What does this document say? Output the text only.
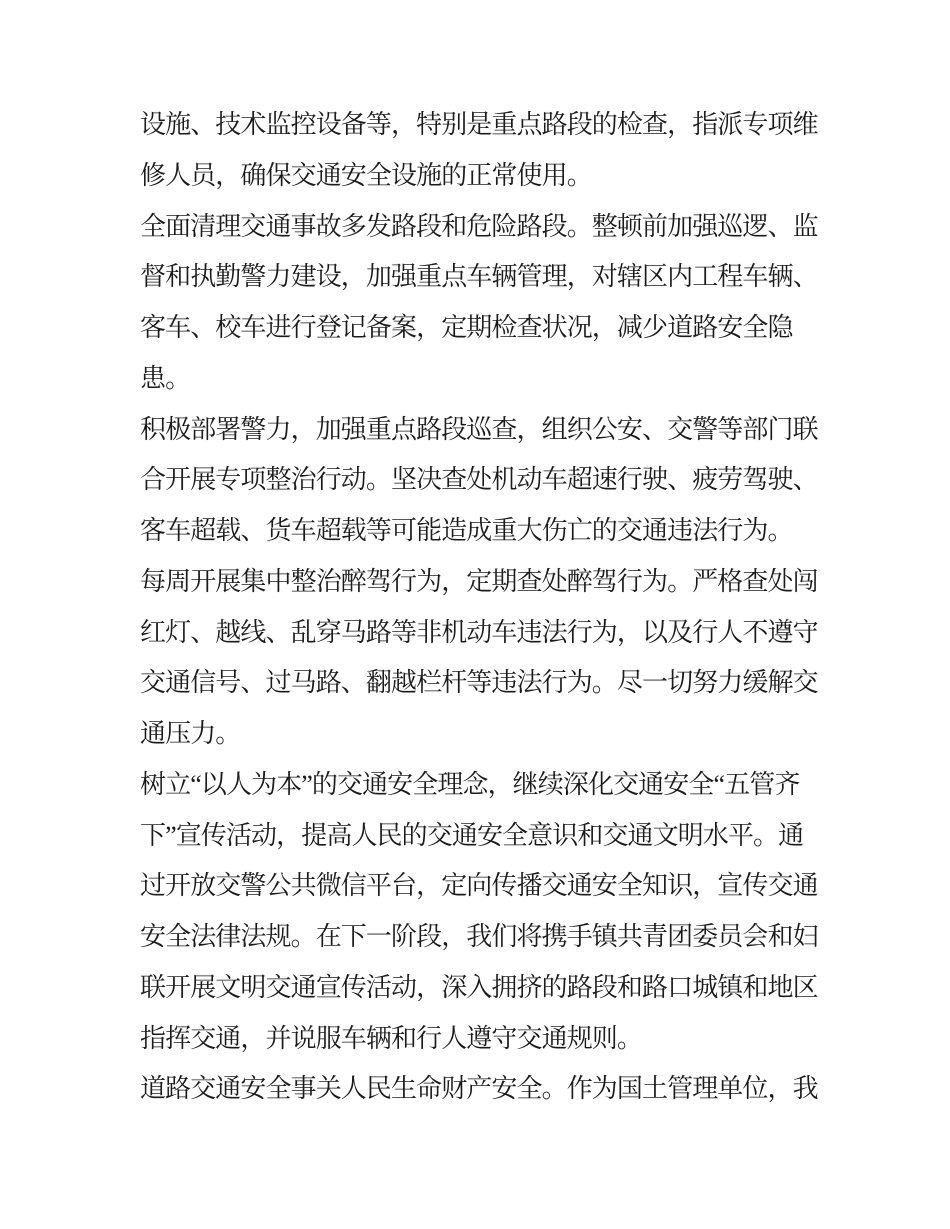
设施、技术监控设备等，特别是重点路段的检查，指派专项维
修人员，确保交通安全设施的正常使用。
全面清理交通事故多发路段和危险路段。整顿前加强巡逻、监
督和执勤警力建设，加强重点车辆管理，对辖区内工程车辆、
客车、校车进行登记备案，定期检查状况，减少道路安全隐
患。
积极部署警力，加强重点路段巡查，组织公安、交警等部门联
合开展专项整治行动。坚决查处机动车超速行驶、疲劳驾驶、
客车超载、货车超载等可能造成重大伤亡的交通违法行为。
每周开展集中整治醉驾行为，定期查处醉驾行为。严格查处闯
红灯、越线、乱穿马路等非机动车违法行为，以及行人不遵守
交通信号、过马路、翻越栏杆等违法行为。尽一切努力缓解交
通压力。
树立“以人为本”的交通安全理念，继续深化交通安全“五管齐
下”宣传活动，提高人民的交通安全意识和交通文明水平。通
过开放交警公共微信平台，定向传播交通安全知识，宣传交通
安全法律法规。在下一阶段，我们将携手镇共青团委员会和妇
联开展文明交通宣传活动，深入拥挤的路段和路口城镇和地区
指挥交通，并说服车辆和行人遵守交通规则。
道路交通安全事关人民生命财产安全。作为国土管理单位，我
